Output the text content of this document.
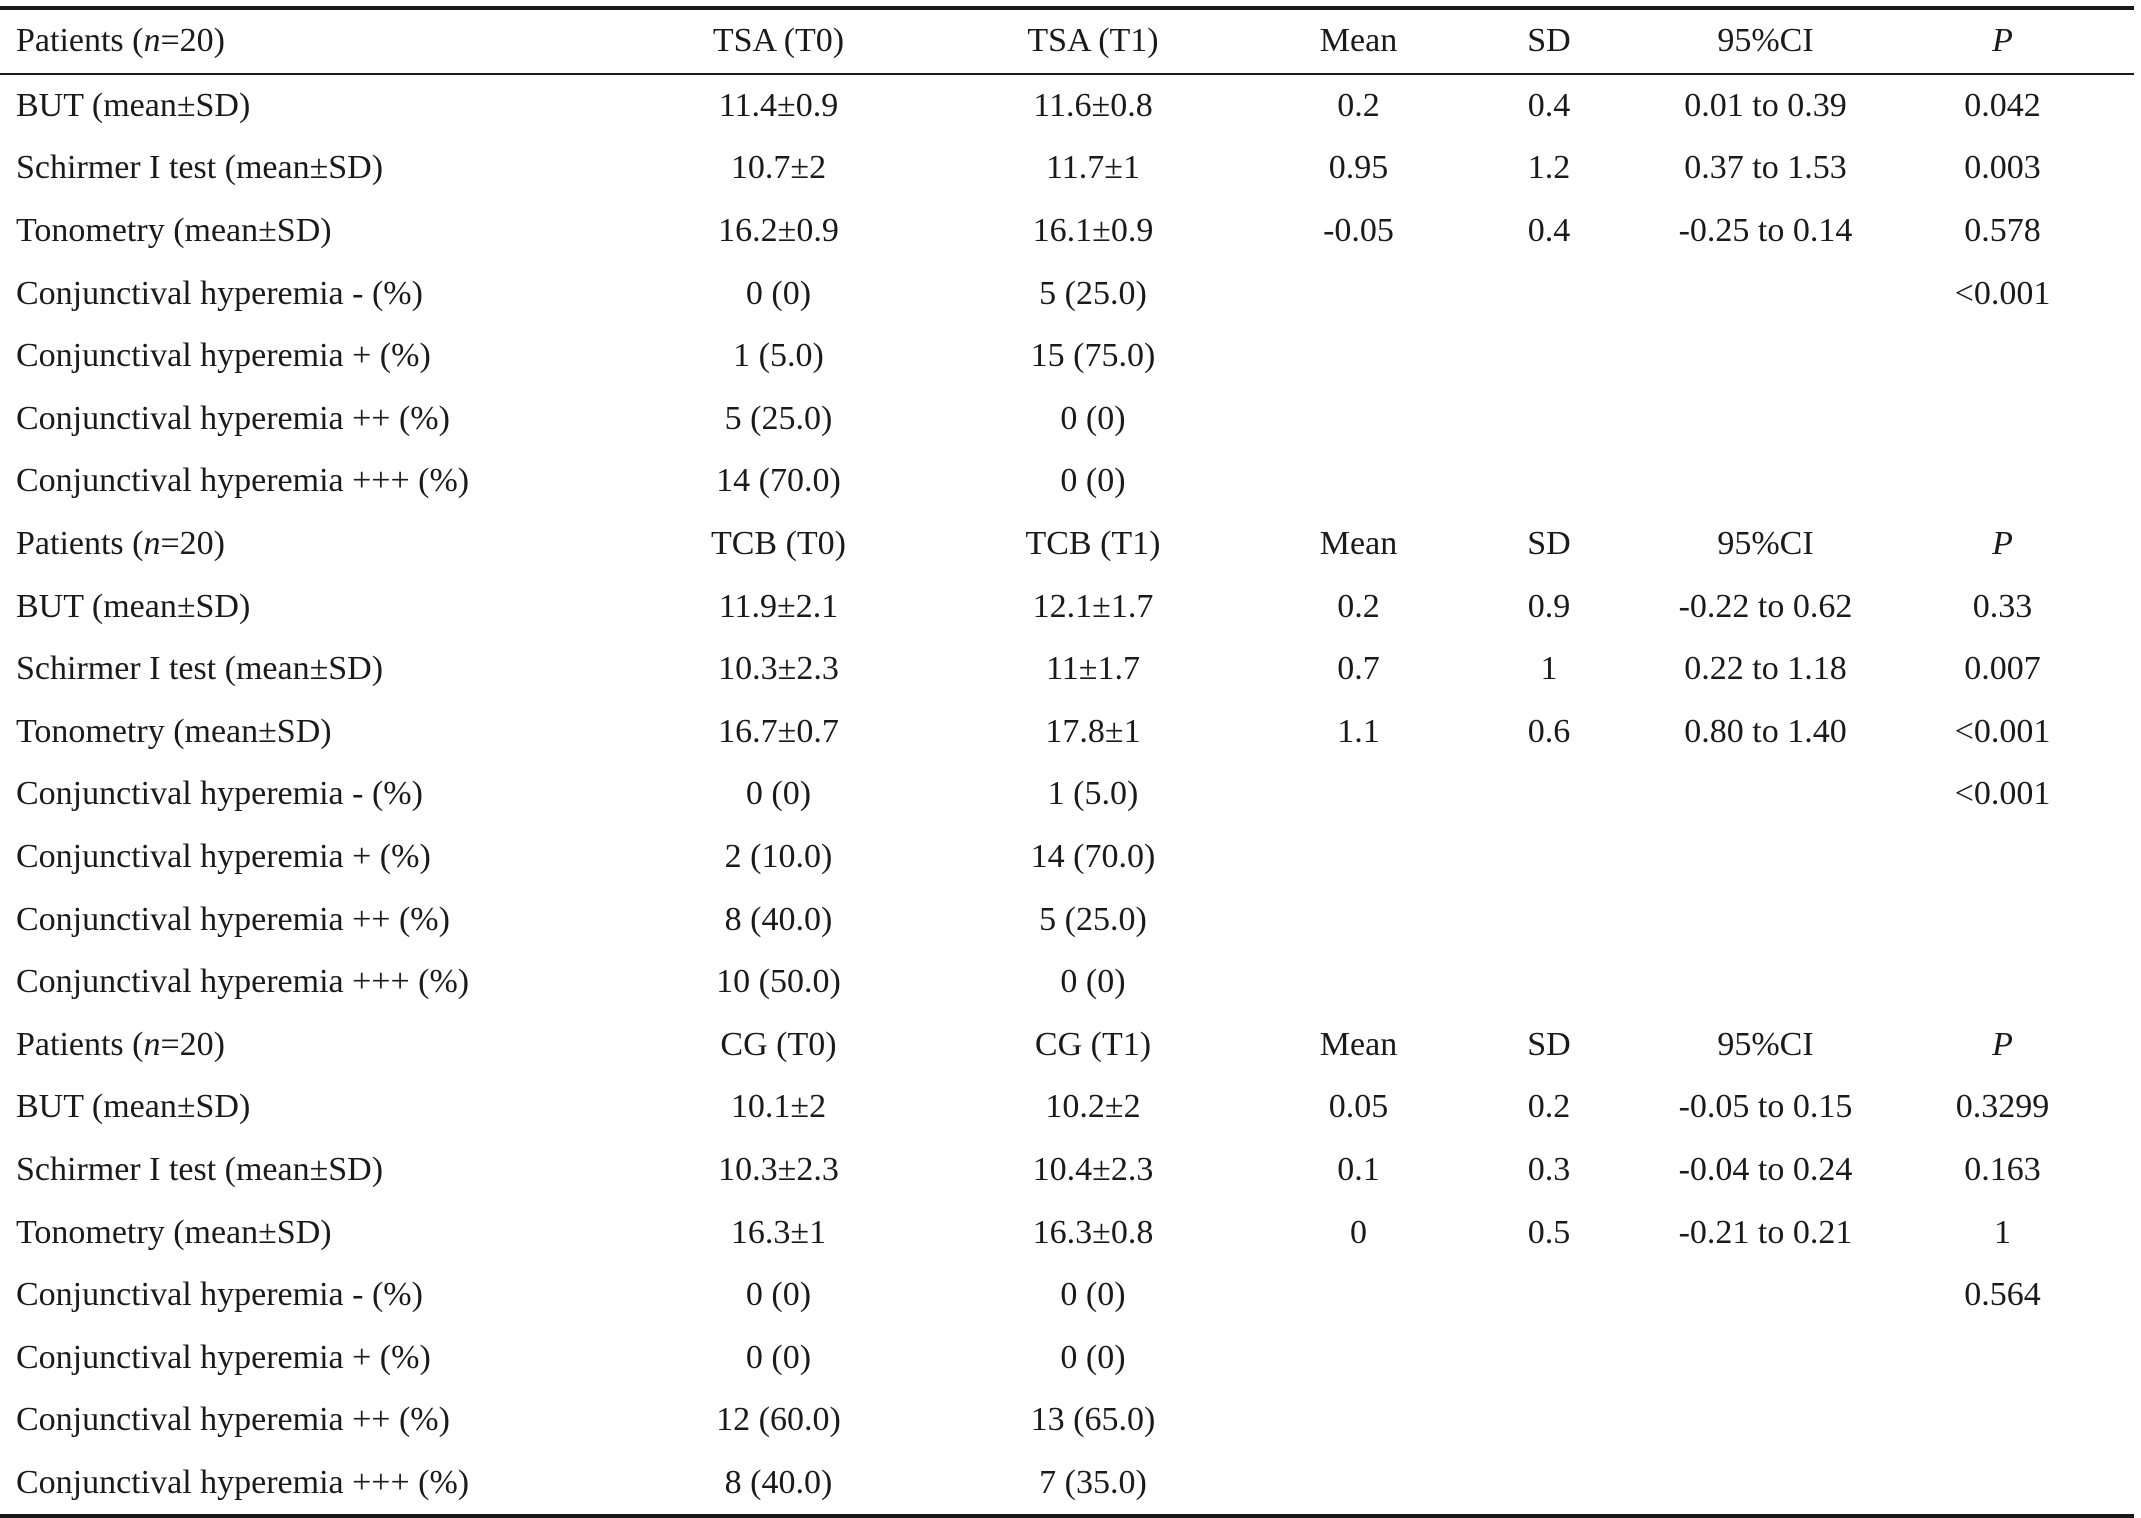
Patients (n=20)	TSA (T0)	TSA (T1)	Mean	SD	95%CI	P
BUT (mean±SD)	11.4±0.9	11.6±0.8	0.2	0.4	0.01 to 0.39	0.042
Schirmer I test (mean±SD)	10.7±2	11.7±1	0.95	1.2	0.37 to 1.53	0.003
Tonometry (mean±SD)	16.2±0.9	16.1±0.9	-0.05	0.4	-0.25 to 0.14	0.578
Conjunctival hyperemia - (%)	0 (0)	5 (25.0)				<0.001
Conjunctival hyperemia + (%)	1 (5.0)	15 (75.0)				
Conjunctival hyperemia ++ (%)	5 (25.0)	0 (0)				
Conjunctival hyperemia +++ (%)	14 (70.0)	0 (0)				
Patients (n=20)	TCB (T0)	TCB (T1)	Mean	SD	95%CI	P
BUT (mean±SD)	11.9±2.1	12.1±1.7	0.2	0.9	-0.22 to 0.62	0.33
Schirmer I test (mean±SD)	10.3±2.3	11±1.7	0.7	1	0.22 to 1.18	0.007
Tonometry (mean±SD)	16.7±0.7	17.8±1	1.1	0.6	0.80 to 1.40	<0.001
Conjunctival hyperemia - (%)	0 (0)	1 (5.0)				<0.001
Conjunctival hyperemia + (%)	2 (10.0)	14 (70.0)				
Conjunctival hyperemia ++ (%)	8 (40.0)	5 (25.0)				
Conjunctival hyperemia +++ (%)	10 (50.0)	0 (0)				
Patients (n=20)	CG (T0)	CG (T1)	Mean	SD	95%CI	P
BUT (mean±SD)	10.1±2	10.2±2	0.05	0.2	-0.05 to 0.15	0.3299
Schirmer I test (mean±SD)	10.3±2.3	10.4±2.3	0.1	0.3	-0.04 to 0.24	0.163
Tonometry (mean±SD)	16.3±1	16.3±0.8	0	0.5	-0.21 to 0.21	1
Conjunctival hyperemia - (%)	0 (0)	0 (0)				0.564
Conjunctival hyperemia + (%)	0 (0)	0 (0)				
Conjunctival hyperemia ++ (%)	12 (60.0)	13 (65.0)				
Conjunctival hyperemia +++ (%)	8 (40.0)	7 (35.0)				
